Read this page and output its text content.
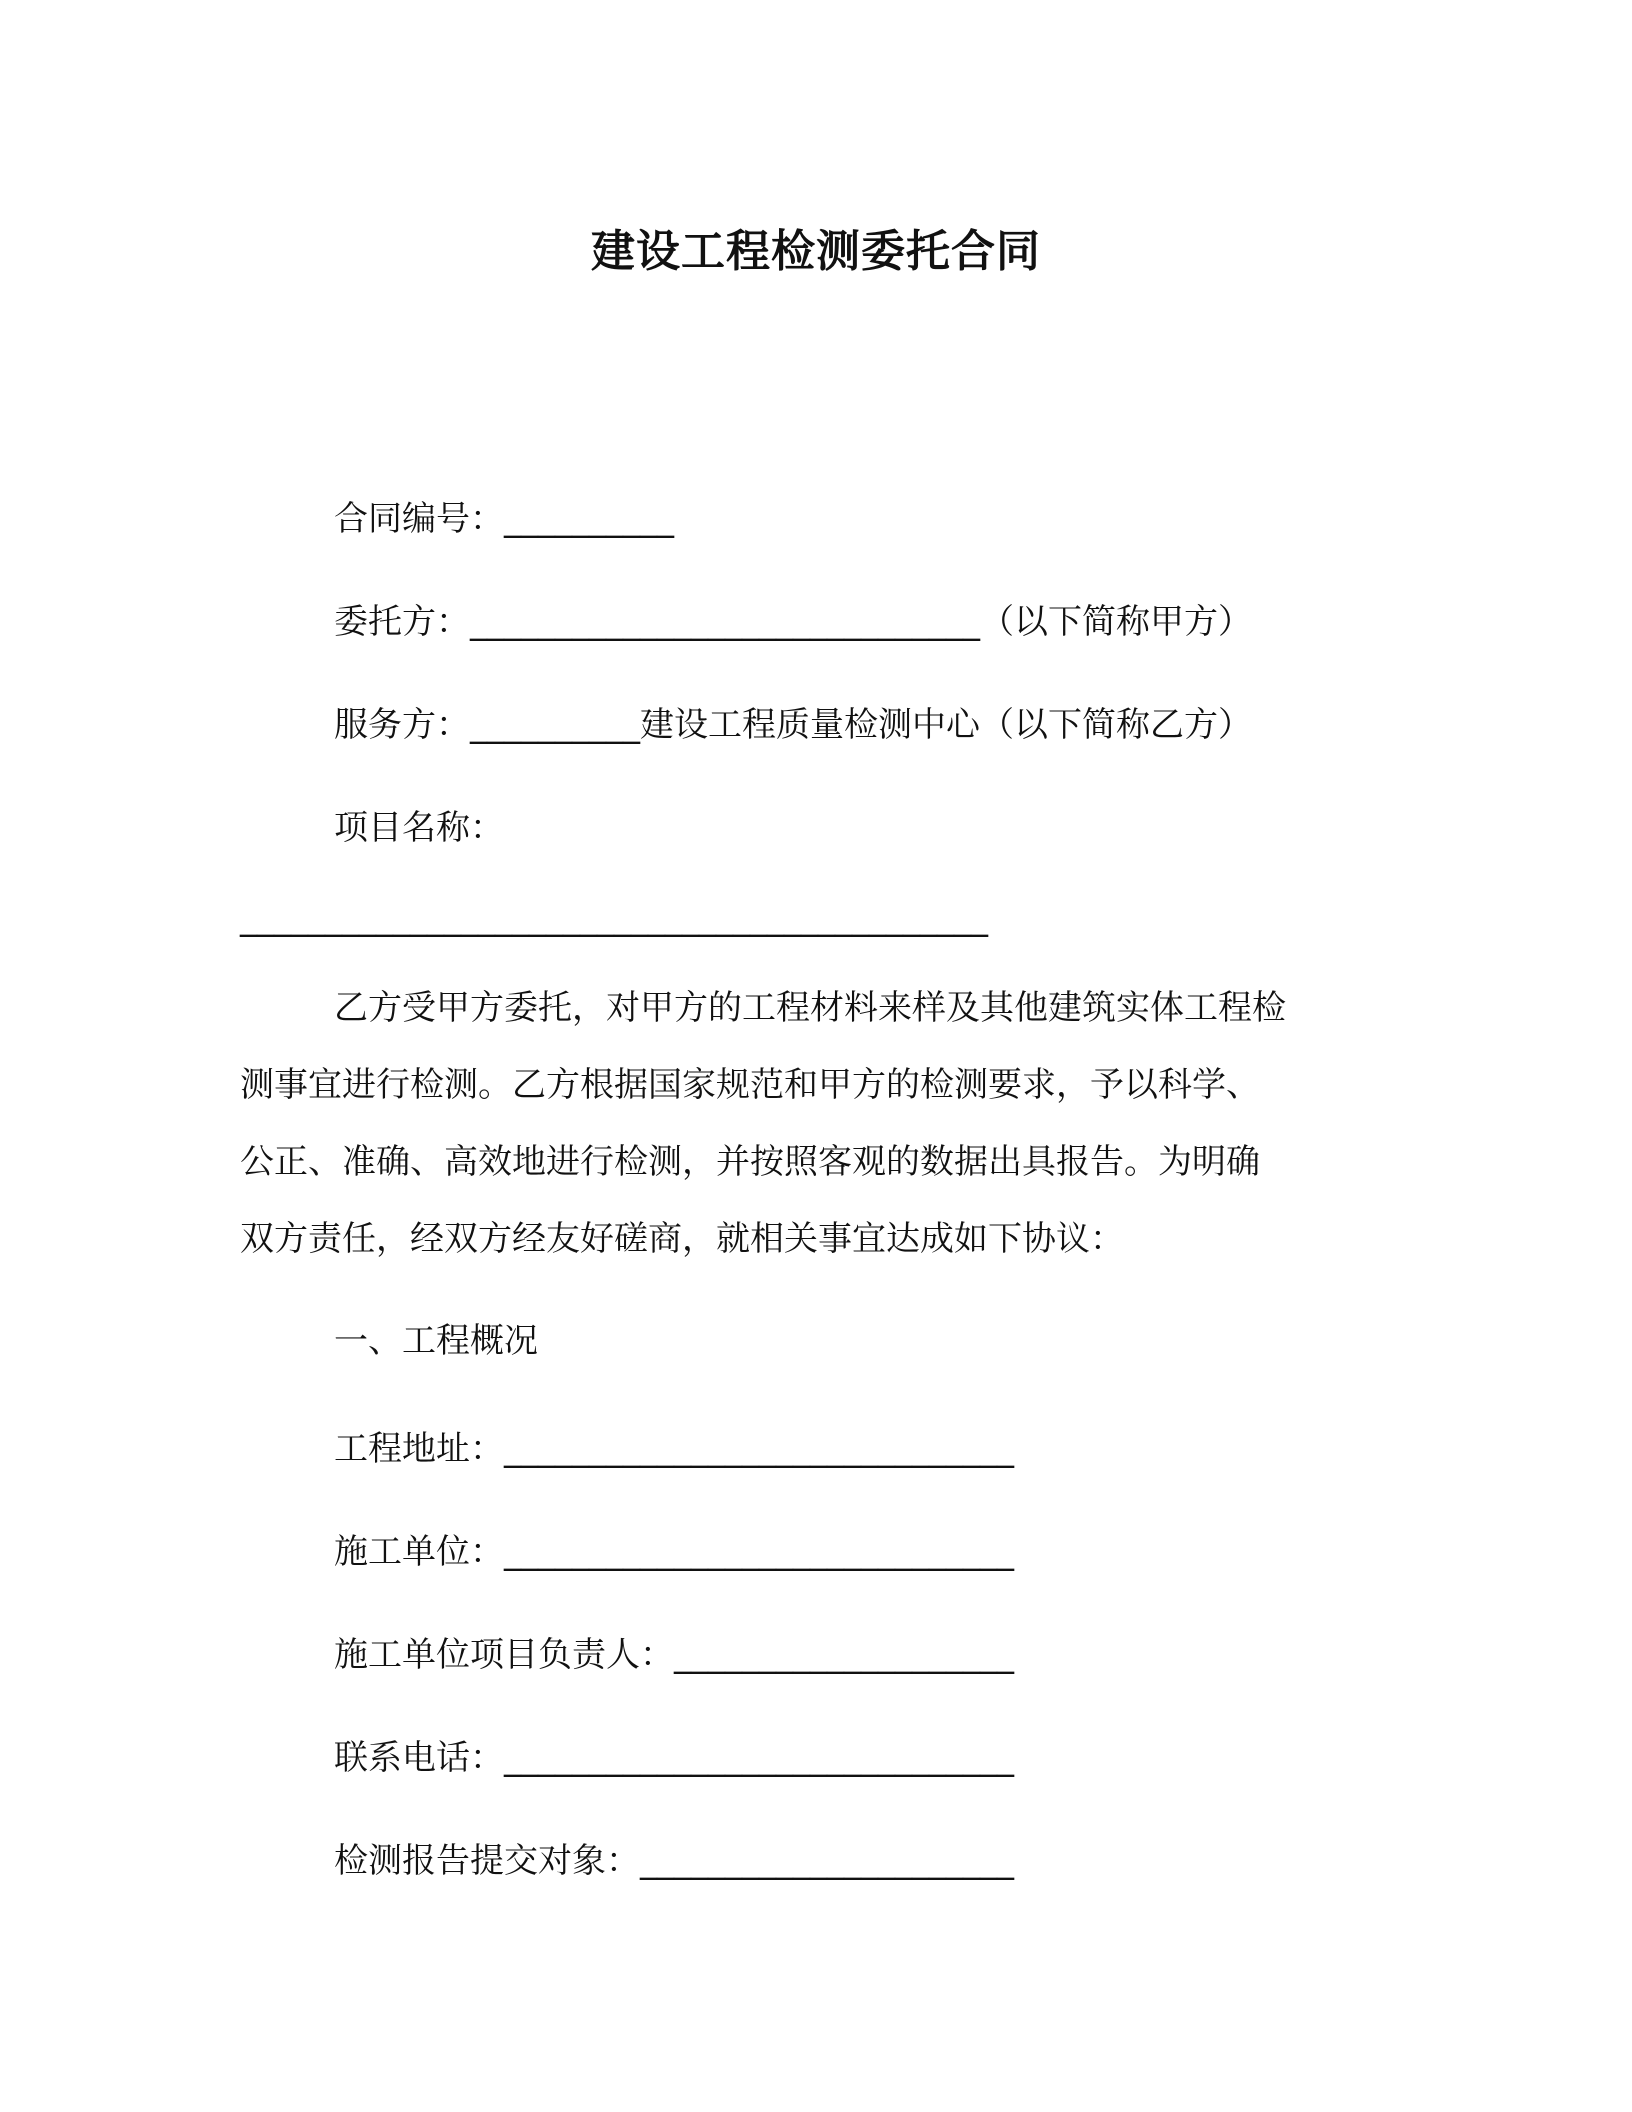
建设工程检测委托合同
合同编号：__________
委托方：______________________________（以下简称甲方）
服务方：__________建设工程质量检测中心（以下简称乙方）
项目名称：
____________________________________________
乙方受甲方委托，对甲方的工程材料来样及其他建筑实体工程检
测事宜进行检测。乙方根据国家规范和甲方的检测要求，予以科学、
公正、准确、高效地进行检测，并按照客观的数据出具报告。为明确
双方责任，经双方经友好磋商，就相关事宜达成如下协议：
一、工程概况
工程地址：______________________________
施工单位：______________________________
施工单位项目负责人：____________________
联系电话：______________________________
检测报告提交对象：______________________
